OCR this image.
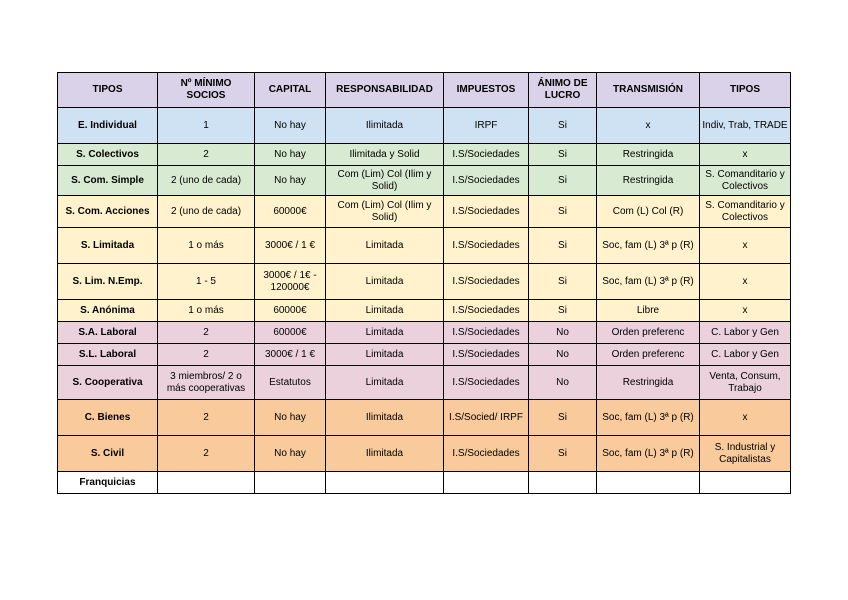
TIPOS	Nº MÍNIMO SOCIOS	CAPITAL	RESPONSABILIDAD	IMPUESTOS	ÁNIMO DE LUCRO	TRANSMISIÓN	TIPOS
E. Individual	1	No hay	Ilimitada	IRPF	Si	x	Indiv, Trab, TRADE
S. Colectivos	2	No hay	Ilimitada y Solid	I.S/Sociedades	Si	Restringida	x
S. Com. Simple	2 (uno de cada)	No hay	Com (Lim) Col (Ilim y Solid)	I.S/Sociedades	Si	Restringida	S. Comanditario y Colectivos
S. Com. Acciones	2 (uno de cada)	60000€	Com (Lim) Col (Ilim y Solid)	I.S/Sociedades	Si	Com (L) Col (R)	S. Comanditario y Colectivos
S. Limitada	1 o más	3000€ / 1 €	Limitada	I.S/Sociedades	Si	Soc, fam (L) 3ª p (R)	x
S. Lim. N.Emp.	1 - 5	3000€ / 1€ - 120000€	Limitada	I.S/Sociedades	Si	Soc, fam (L) 3ª p (R)	x
S. Anónima	1 o más	60000€	Limitada	I.S/Sociedades	Si	Libre	x
S.A. Laboral	2	60000€	Limitada	I.S/Sociedades	No	Orden preferenc	C. Labor y Gen
S.L. Laboral	2	3000€ / 1 €	Limitada	I.S/Sociedades	No	Orden preferenc	C. Labor y Gen
S. Cooperativa	3 miembros/ 2 o más cooperativas	Estatutos	Limitada	I.S/Sociedades	No	Restringida	Venta, Consum, Trabajo
C. Bienes	2	No hay	Ilimitada	I.S/Socied/ IRPF	Si	Soc, fam (L) 3ª p (R)	x
S. Civil	2	No hay	Ilimitada	I.S/Sociedades	Si	Soc, fam (L) 3ª p (R)	S. Industrial y Capitalistas
Franquicias							
